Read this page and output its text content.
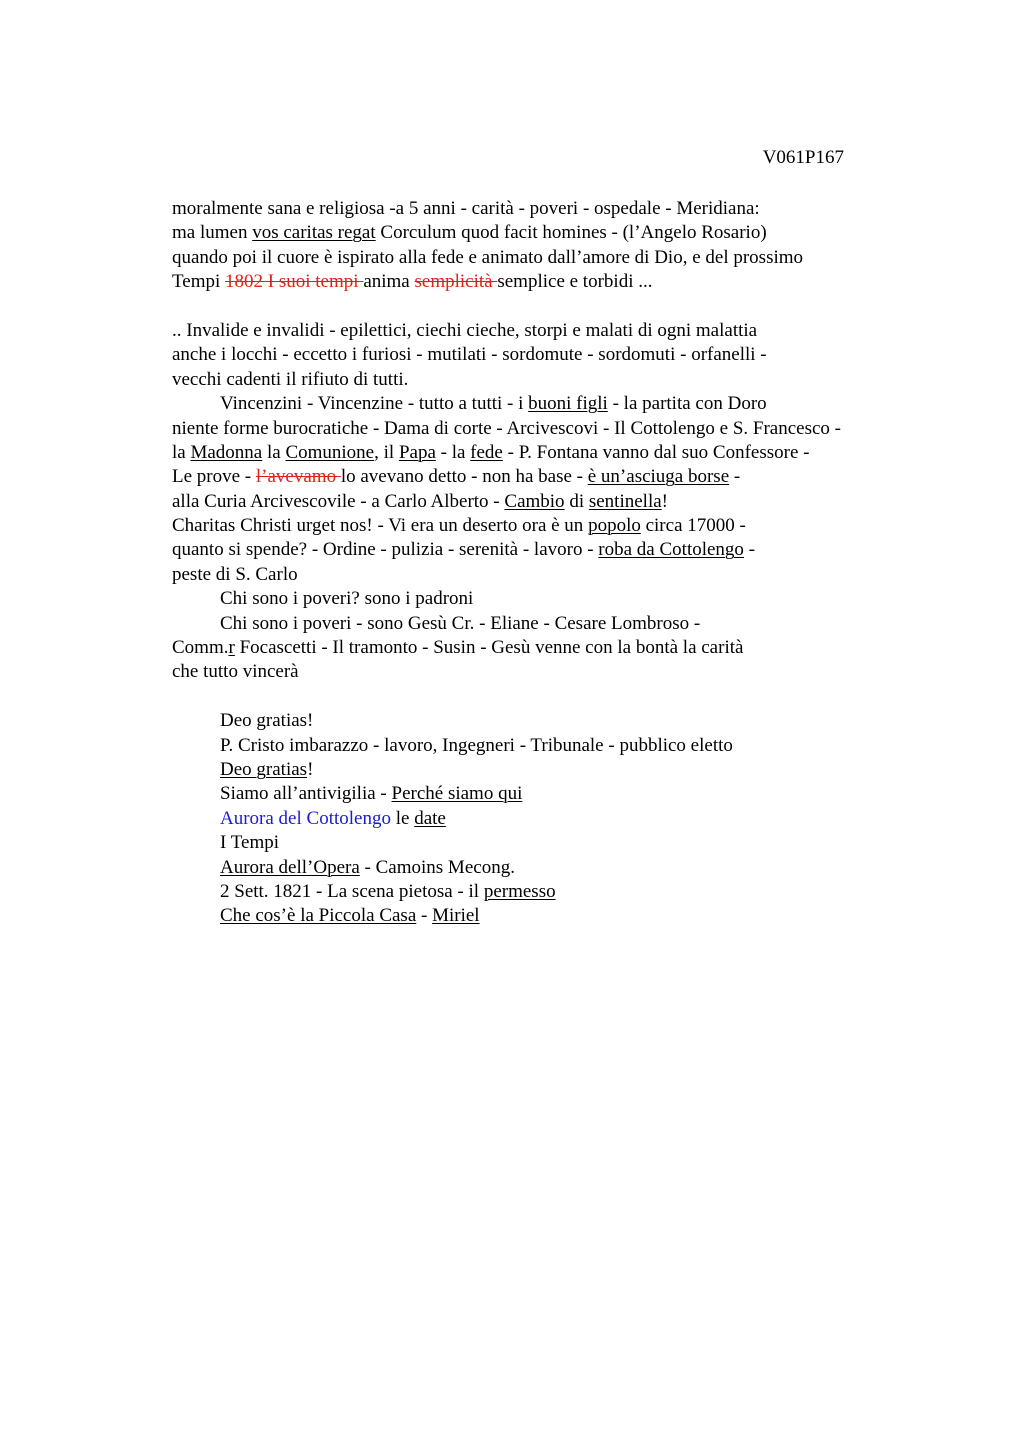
V061P167
moralmente sana e religiosa -a 5 anni - carità - poveri - ospedale - Meridiana:
ma lumen vos caritas regat Corculum quod facit homines - (l’Angelo Rosario)
quando poi il cuore è ispirato alla fede e animato dall’amore di Dio, e del prossimo
Tempi 1802 I suoi tempi anima semplicità semplice e torbidi ...
.. Invalide e invalidi - epilettici, ciechi cieche, storpi e malati di ogni malattia
anche i locchi - eccetto i furiosi - mutilati - sordomute - sordomuti - orfanelli -
vecchi cadenti il rifiuto di tutti.
Vincenzini - Vincenzine - tutto a tutti - i buoni figli - la partita con Doro
niente forme burocratiche - Dama di corte - Arcivescovi - Il Cottolengo e S. Francesco -
la Madonna la Comunione, il Papa - la fede - P. Fontana vanno dal suo Confessore -
Le prove - l’avevamo lo avevano detto - non ha base - è un’asciuga borse -
alla Curia Arcivescovile - a Carlo Alberto - Cambio di sentinella!
Charitas Christi urget nos! - Vi era un deserto ora è un popolo circa 17000 -
quanto si spende? - Ordine - pulizia - serenità - lavoro - roba da Cottolengo -
peste di S. Carlo
Chi sono i poveri? sono i padroni
Chi sono i poveri - sono Gesù Cr. - Eliane - Cesare Lombroso -
Comm.r Focascetti - Il tramonto - Susin - Gesù venne con la bontà la carità
che tutto vincerà
Deo gratias!
P. Cristo imbarazzo - lavoro, Ingegneri - Tribunale - pubblico eletto
Deo gratias!
Siamo all’antivigilia - Perché siamo qui
Aurora del Cottolengo le date
I Tempi
Aurora dell’Opera - Camoins Mecong.
2 Sett. 1821 - La scena pietosa - il permesso
Che cos’è la Piccola Casa - Miriel
